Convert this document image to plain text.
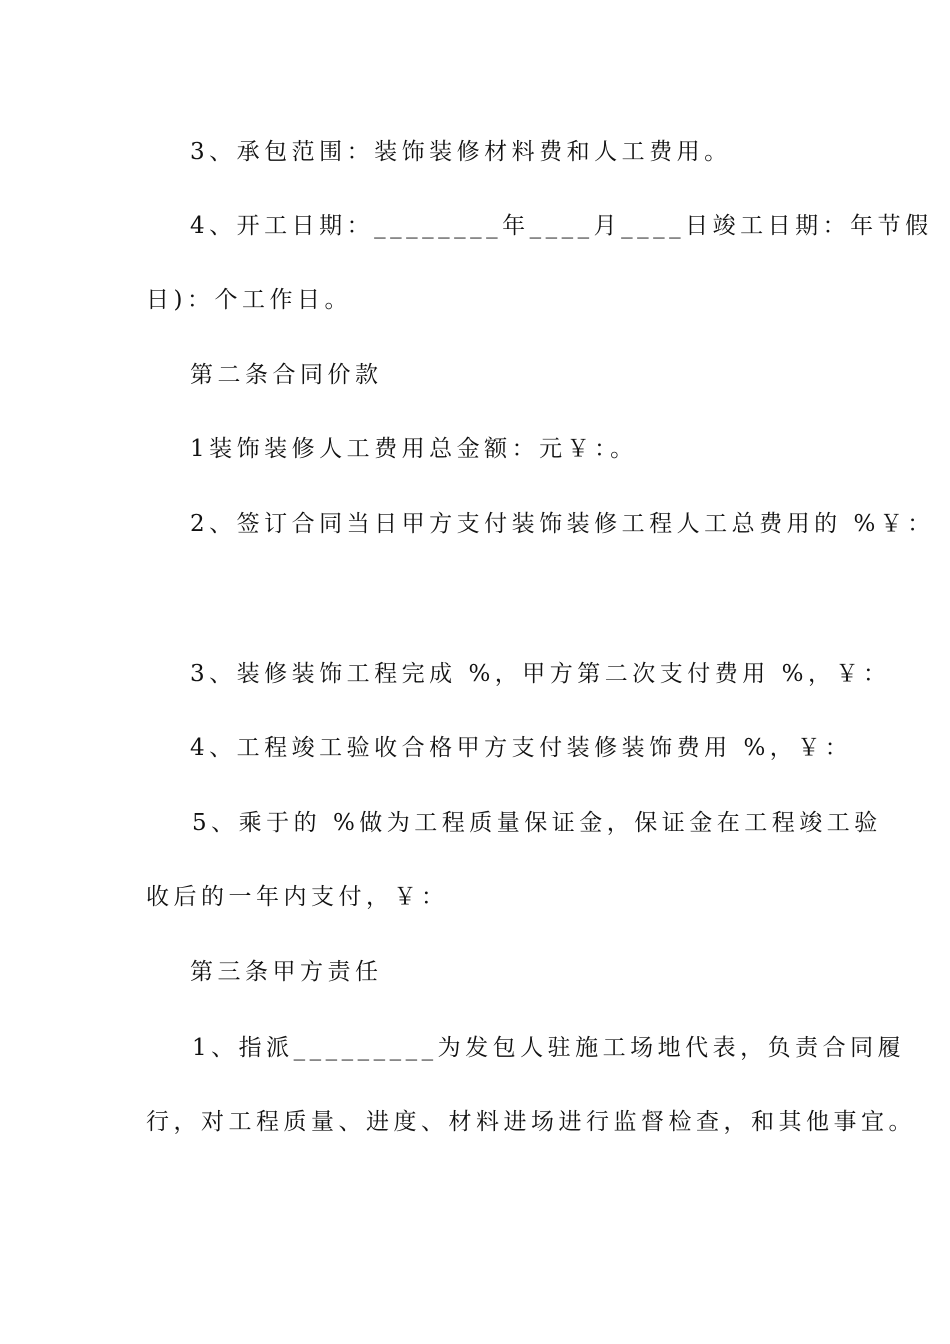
3、承包范围：装饰装修材料费和人工费用。
4、开工日期：________年____月____日竣工日期：年节假
日)：个工作日。
第二条合同价款
1装饰装修人工费用总金额：元￥：。
2、签订合同当日甲方支付装饰装修工程人工总费用的 %￥：
3、装修装饰工程完成 %，甲方第二次支付费用 %，￥：
4、工程竣工验收合格甲方支付装修装饰费用 %，￥：
5、乘于的 %做为工程质量保证金，保证金在工程竣工验
收后的一年内支付，￥：
第三条甲方责任
1、指派_________为发包人驻施工场地代表，负责合同履
行，对工程质量、进度、材料进场进行监督检查，和其他事宜。
